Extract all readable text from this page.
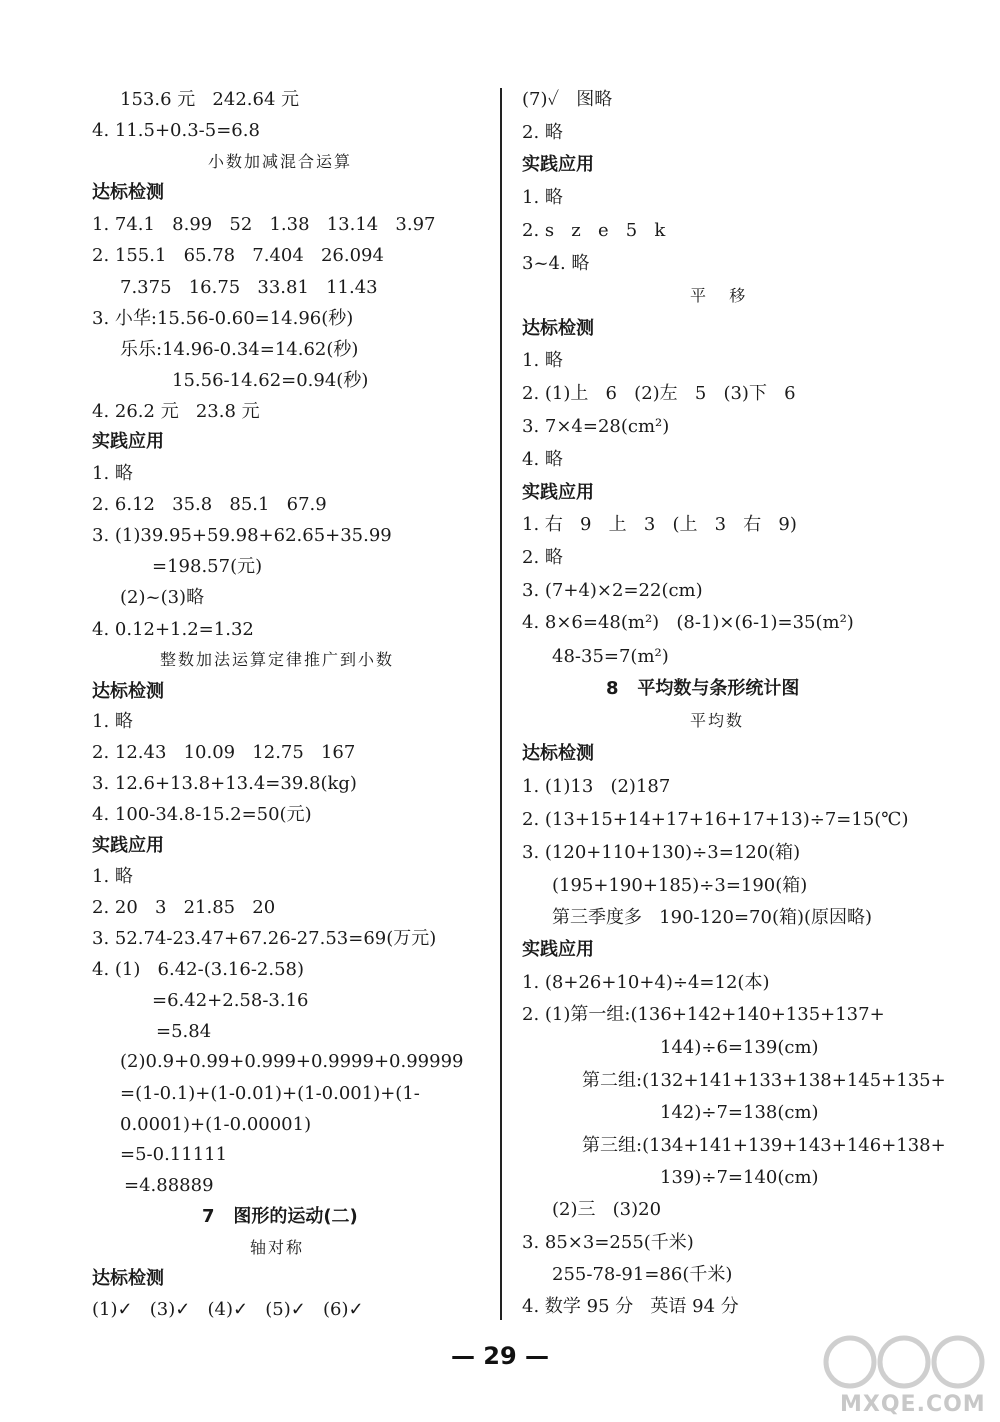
153.6 元   242.64 元
4. 11.5+0.3-5=6.8
小数加减混合运算
达标检测
1. 74.1   8.99   52   1.38   13.14   3.97
2. 155.1   65.78   7.404   26.094
7.375   16.75   33.81   11.43
3. 小华:15.56-0.60=14.96(秒)
乐乐:14.96-0.34=14.62(秒)
15.56-14.62=0.94(秒)
4. 26.2 元   23.8 元
实践应用
1. 略
2. 6.12   35.8   85.1   67.9
3. (1)39.95+59.98+62.65+35.99
=198.57(元)
(2)~(3)略
4. 0.12+1.2=1.32
整数加法运算定律推广到小数
达标检测
1. 略
2. 12.43   10.09   12.75   167
3. 12.6+13.8+13.4=39.8(kg)
4. 100-34.8-15.2=50(元)
实践应用
1. 略
2. 20   3   21.85   20
3. 52.74-23.47+67.26-27.53=69(万元)
4. (1)   6.42-(3.16-2.58)
=6.42+2.58-3.16
=5.84
(2)0.9+0.99+0.999+0.9999+0.99999
=(1-0.1)+(1-0.01)+(1-0.001)+(1-
0.0001)+(1-0.00001)
=5-0.11111
=4.88889
7   图形的运动(二)
轴对称
达标检测
(1)✓   (3)✓   (4)✓   (5)✓   (6)✓
(7)✓   图略
2. 略
实践应用
1. 略
2. s   z   e   5   k
3~4. 略
平   移
达标检测
1. 略
2. (1)上   6   (2)左   5   (3)下   6
3. 7×4=28(cm²)
4. 略
实践应用
1. 右   9   上   3   (上   3   右   9)
2. 略
3. (7+4)×2=22(cm)
4. 8×6=48(m²)   (8-1)×(6-1)=35(m²)
48-35=7(m²)
8   平均数与条形统计图
平均数
达标检测
1. (1)13   (2)187
2. (13+15+14+17+16+17+13)÷7=15(℃)
3. (120+110+130)÷3=120(箱)
(195+190+185)÷3=190(箱)
第三季度多   190-120=70(箱)(原因略)
实践应用
1. (8+26+10+4)÷4=12(本)
2. (1)第一组:(136+142+140+135+137+
144)÷6=139(cm)
第二组:(132+141+133+138+145+135+
142)÷7=138(cm)
第三组:(134+141+139+143+146+138+
139)÷7=140(cm)
(2)三   (3)20
3. 85×3=255(千米)
255-78-91=86(千米)
4. 数学 95 分   英语 94 分
— 29 —
MXQE.COM
